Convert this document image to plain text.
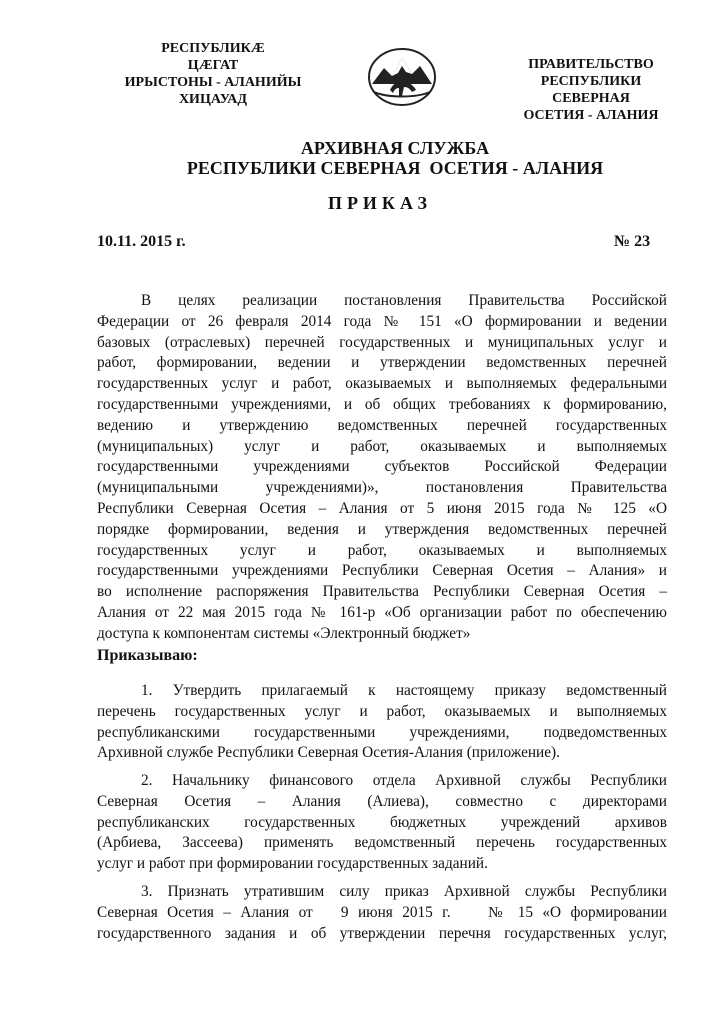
РЕСПУБЛИКÆ
ЦÆГАТ
ИРЫСТОНЫ - АЛАНИЙЫ
ХИЦАУАД
ПРАВИТЕЛЬСТВО
РЕСПУБЛИКИ
СЕВЕРНАЯ
ОСЕТИЯ - АЛАНИЯ
АРХИВНАЯ СЛУЖБА
РЕСПУБЛИКИ СЕВЕРНАЯ  ОСЕТИЯ - АЛАНИЯ
ПРИКАЗ
10.11. 2015 г.	№ 23
В целях реализации постановления Правительства Российской
Федерации от 26 февраля 2014 года № 151 «О формировании и ведении
базовых (отраслевых) перечней государственных и муниципальных услуг и
работ, формировании, ведении и утверждении ведомственных перечней
государственных услуг и работ, оказываемых и выполняемых федеральными
государственными учреждениями, и об общих требованиях к формированию,
ведению и утверждению ведомственных перечней государственных
(муниципальных) услуг и работ, оказываемых и выполняемых
государственными учреждениями субъектов Российской Федерации
(муниципальными учреждениями)», постановления Правительства
Республики Северная Осетия – Алания от 5 июня 2015 года № 125 «О
порядке формировании, ведения и утверждения ведомственных перечней
государственных услуг и работ, оказываемых и выполняемых
государственными учреждениями Республики Северная Осетия – Алания» и
во исполнение распоряжения Правительства Республики Северная Осетия –
Алания от 22 мая 2015 года № 161-р «Об организации работ по обеспечению
доступа к компонентам системы «Электронный бюджет»
Приказываю:
1. Утвердить прилагаемый к настоящему приказу ведомственный
перечень государственных услуг и работ, оказываемых и выполняемых
республиканскими государственными учреждениями, подведомственных
Архивной службе Республики Северная Осетия-Алания (приложение).
2. Начальнику финансового отдела Архивной службы Республики
Северная Осетия – Алания (Алиева), совместно с директорами
республиканских государственных бюджетных учреждений архивов
(Арбиева, Зассеева) применять ведомственный перечень государственных
услуг и работ при формировании государственных заданий.
3. Признать утратившим силу приказ Архивной службы Республики
Северная Осетия – Алания от   9 июня 2015 г.    № 15 «О формировании
государственного задания и об утверждении перечня государственных услуг,
